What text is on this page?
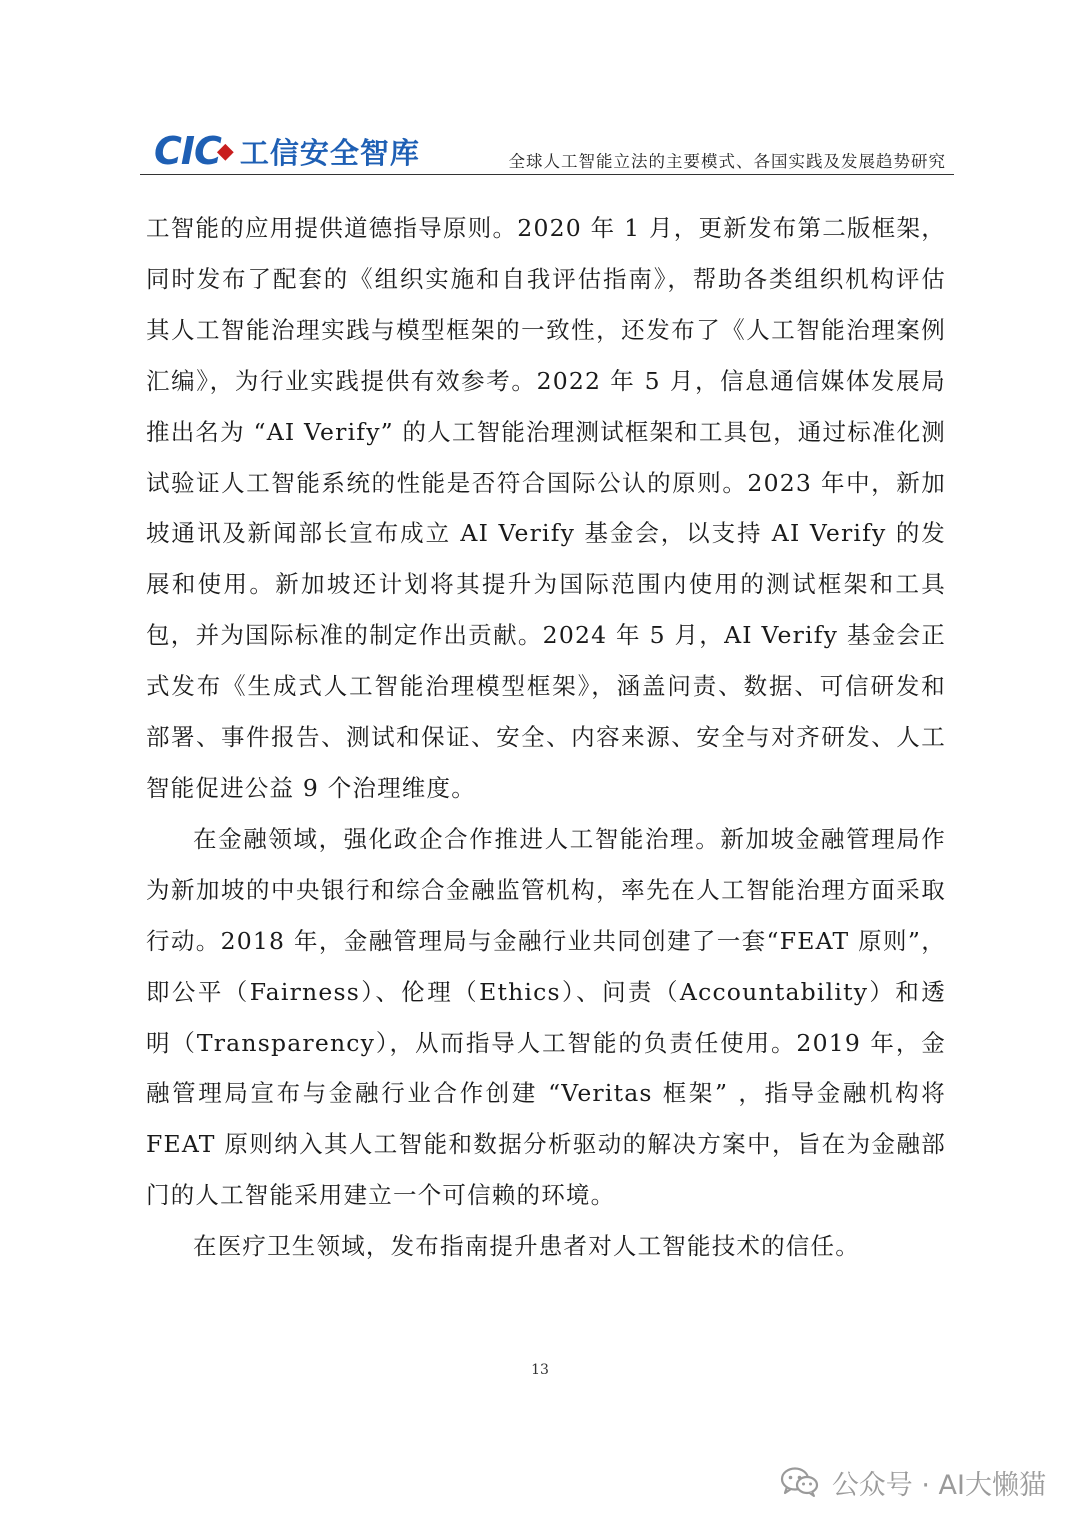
CIC
◆ 工信安全智库	全球人工智能立法的主要模式、各国实践及发展趋势研究

工智能的应用提供道德指导原则。2020 年 1 月，更新发布第二版框架，同时发布了配套的《组织实施和自我评估指南》，帮助各类组织机构评估其人工智能治理实践与模型框架的一致性，还发布了《人工智能治理案例汇编》，为行业实践提供有效参考。2022 年 5 月，信息通信媒体发展局推出名为 “AI Verify” 的人工智能治理测试框架和工具包，通过标准化测试验证人工智能系统的性能是否符合国际公认的原则。2023 年中，新加坡通讯及新闻部长宣布成立 AI Verify 基金会，以支持 AI Verify 的发展和使用。新加坡还计划将其提升为国际范围内使用的测试框架和工具包，并为国际标准的制定作出贡献。2024 年 5 月，AI Verify 基金会正式发布《生成式人工智能治理模型框架》，涵盖问责、数据、可信研发和部署、事件报告、测试和保证、安全、内容来源、安全与对齐研发、人工智能促进公益 9 个治理维度。

在金融领域，强化政企合作推进人工智能治理。新加坡金融管理局作为新加坡的中央银行和综合金融监管机构，率先在人工智能治理方面采取行动。2018 年，金融管理局与金融行业共同创建了一套“FEAT 原则”，即公平（Fairness）、伦理（Ethics）、问责（Accountability）和透明（Transparency），从而指导人工智能的负责任使用。2019 年，金融管理局宣布与金融行业合作创建 “Veritas 框架” ，指导金融机构将 FEAT 原则纳入其人工智能和数据分析驱动的解决方案中，旨在为金融部门的人工智能采用建立一个可信赖的环境。

在医疗卫生领域，发布指南提升患者对人工智能技术的信任。

13
公众号 · AI大懒猫
